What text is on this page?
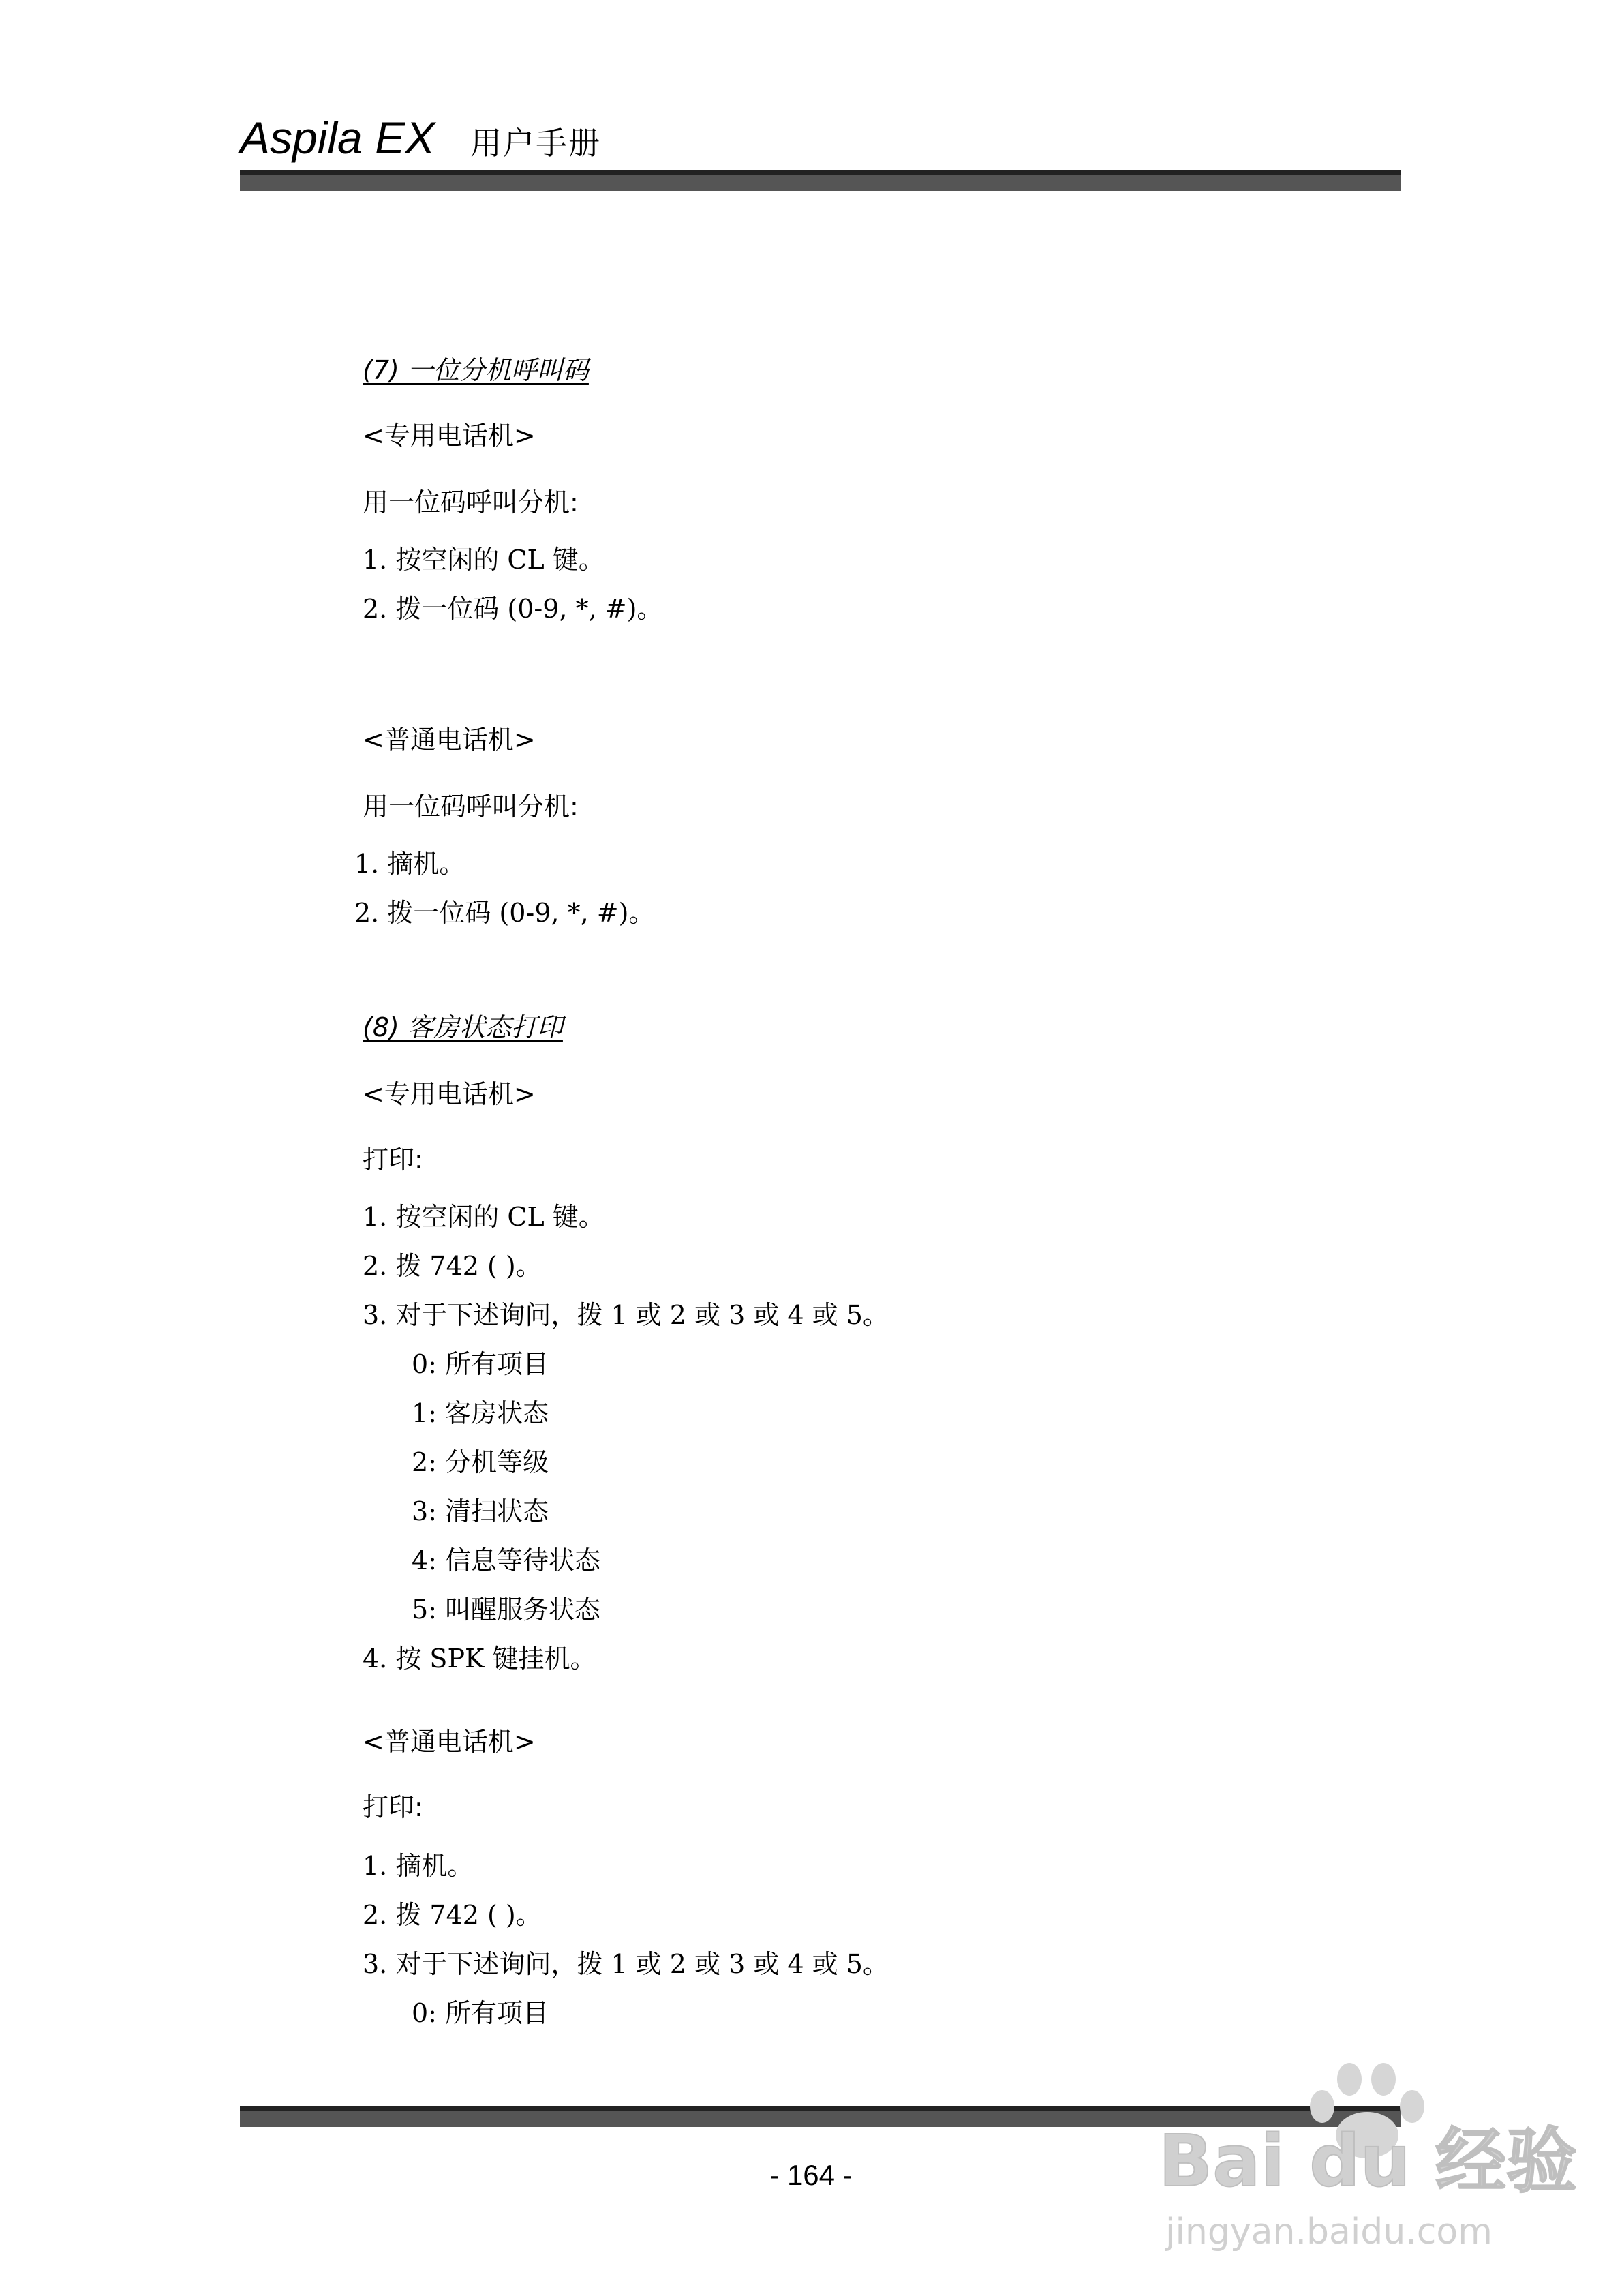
Aspila EX 用户手册
(7) 一位分机呼叫码
<专用电话机>
用一位码呼叫分机:
1. 按空闲的 CL 键。
2. 拨一位码 (0-9, *, #)。
<普通电话机>
用一位码呼叫分机:
1. 摘机。
2. 拨一位码 (0-9, *, #)。
(8) 客房状态打印
<专用电话机>
打印:
1. 按空闲的 CL 键。
2. 拨 742 ( )。
3. 对于下述询问，拨 1 或 2 或 3 或 4 或 5。
0: 所有项目
1: 客房状态
2: 分机等级
3: 清扫状态
4: 信息等待状态
5: 叫醒服务状态
4. 按 SPK 键挂机。
<普通电话机>
打印:
1. 摘机。
2. 拨 742 ( )。
3. 对于下述询问，拨 1 或 2 或 3 或 4 或 5。
0: 所有项目
- 164 -	Bai du 经验
jingyan.baidu.com
